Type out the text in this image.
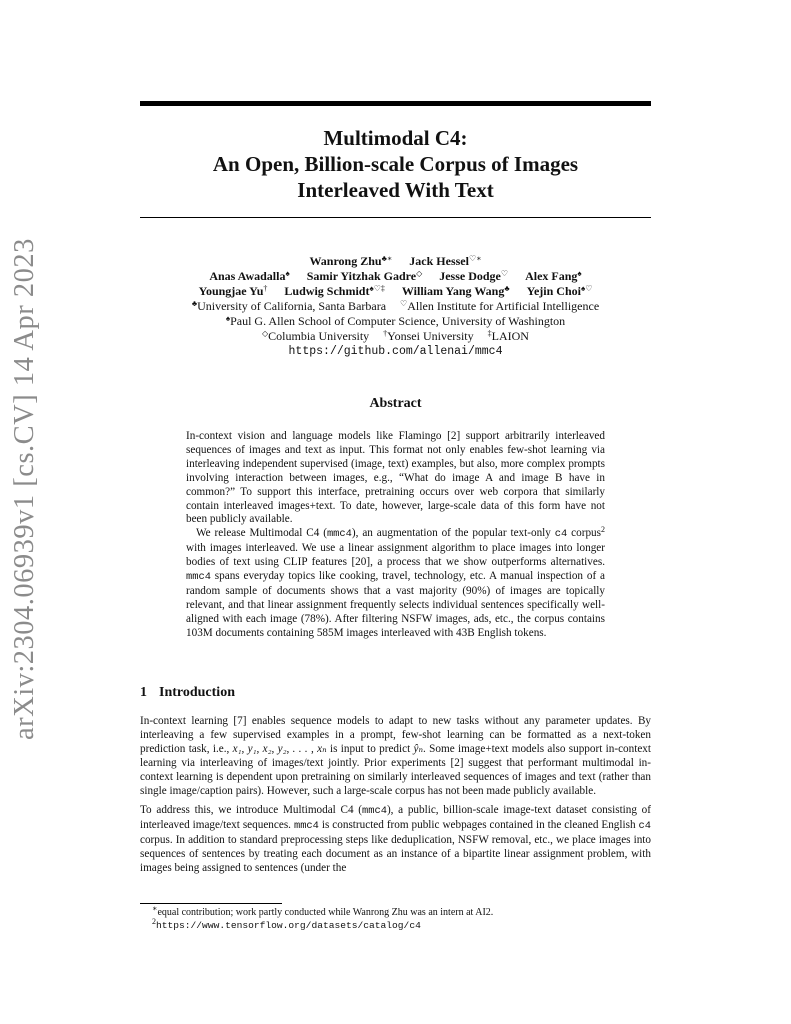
arXiv:2304.06939v1 [cs.CV] 14 Apr 2023
Multimodal C4:
An Open, Billion-scale Corpus of Images
Interleaved With Text
Wanrong Zhu♣∗ Jack Hessel♡∗
Anas Awadalla♠ Samir Yitzhak Gadre◇ Jesse Dodge♡ Alex Fang♠
Youngjae Yu† Ludwig Schmidt♠♡‡ William Yang Wang♣ Yejin Choi♠♡
♣University of California, Santa Barbara ♡Allen Institute for Artificial Intelligence
♠Paul G. Allen School of Computer Science, University of Washington
◇Columbia University †Yonsei University ‡LAION
https://github.com/allenai/mmc4
Abstract

In-context vision and language models like Flamingo [2] support arbitrarily interleaved sequences of images and text as input. This format not only enables few-shot learning via interleaving independent supervised (image, text) examples, but also, more complex prompts involving interaction between images, e.g., “What do image A and image B have in common?” To support this interface, pretraining occurs over web corpora that similarly contain interleaved images+text. To date, however, large-scale data of this form have not been publicly available.

We release Multimodal C4 (mmc4), an augmentation of the popular text-only c4 corpus$^2$ with images interleaved. We use a linear assignment algorithm to place images into longer bodies of text using CLIP features [20], a process that we show outperforms alternatives. mmc4 spans everyday topics like cooking, travel, technology, etc. A manual inspection of a random sample of documents shows that a vast majority (90%) of images are topically relevant, and that linear assignment frequently selects individual sentences specifically well-aligned with each image (78%). After filtering NSFW images, ads, etc., the corpus contains 103M documents containing 585M images interleaved with 43B English tokens.

1 Introduction

In-context learning [7] enables sequence models to adapt to new tasks without any parameter updates. By interleaving a few supervised examples in a prompt, few-shot learning can be formatted as a next-token prediction task, i.e., x₁, y₁, x₂, y₂, . . . , xₙ is input to predict ŷₙ. Some image+text models also support in-context learning via interleaving of images/text jointly. Prior experiments [2] suggest that performant multimodal in-context learning is dependent upon pretraining on similarly interleaved sequences of images and text (rather than single image/caption pairs). However, such a large-scale corpus has not been made publicly available.

To address this, we introduce Multimodal C4 (mmc4), a public, billion-scale image-text dataset consisting of interleaved image/text sequences. mmc4 is constructed from public webpages contained in the cleaned English c4 corpus. In addition to standard preprocessing steps like deduplication, NSFW removal, etc., we place images into sequences of sentences by treating each document as an instance of a bipartite linear assignment problem, with images being assigned to sentences (under the

∗equal contribution; work partly conducted while Wanrong Zhu was an intern at AI2.
$^2$https://www.tensorflow.org/datasets/catalog/c4
